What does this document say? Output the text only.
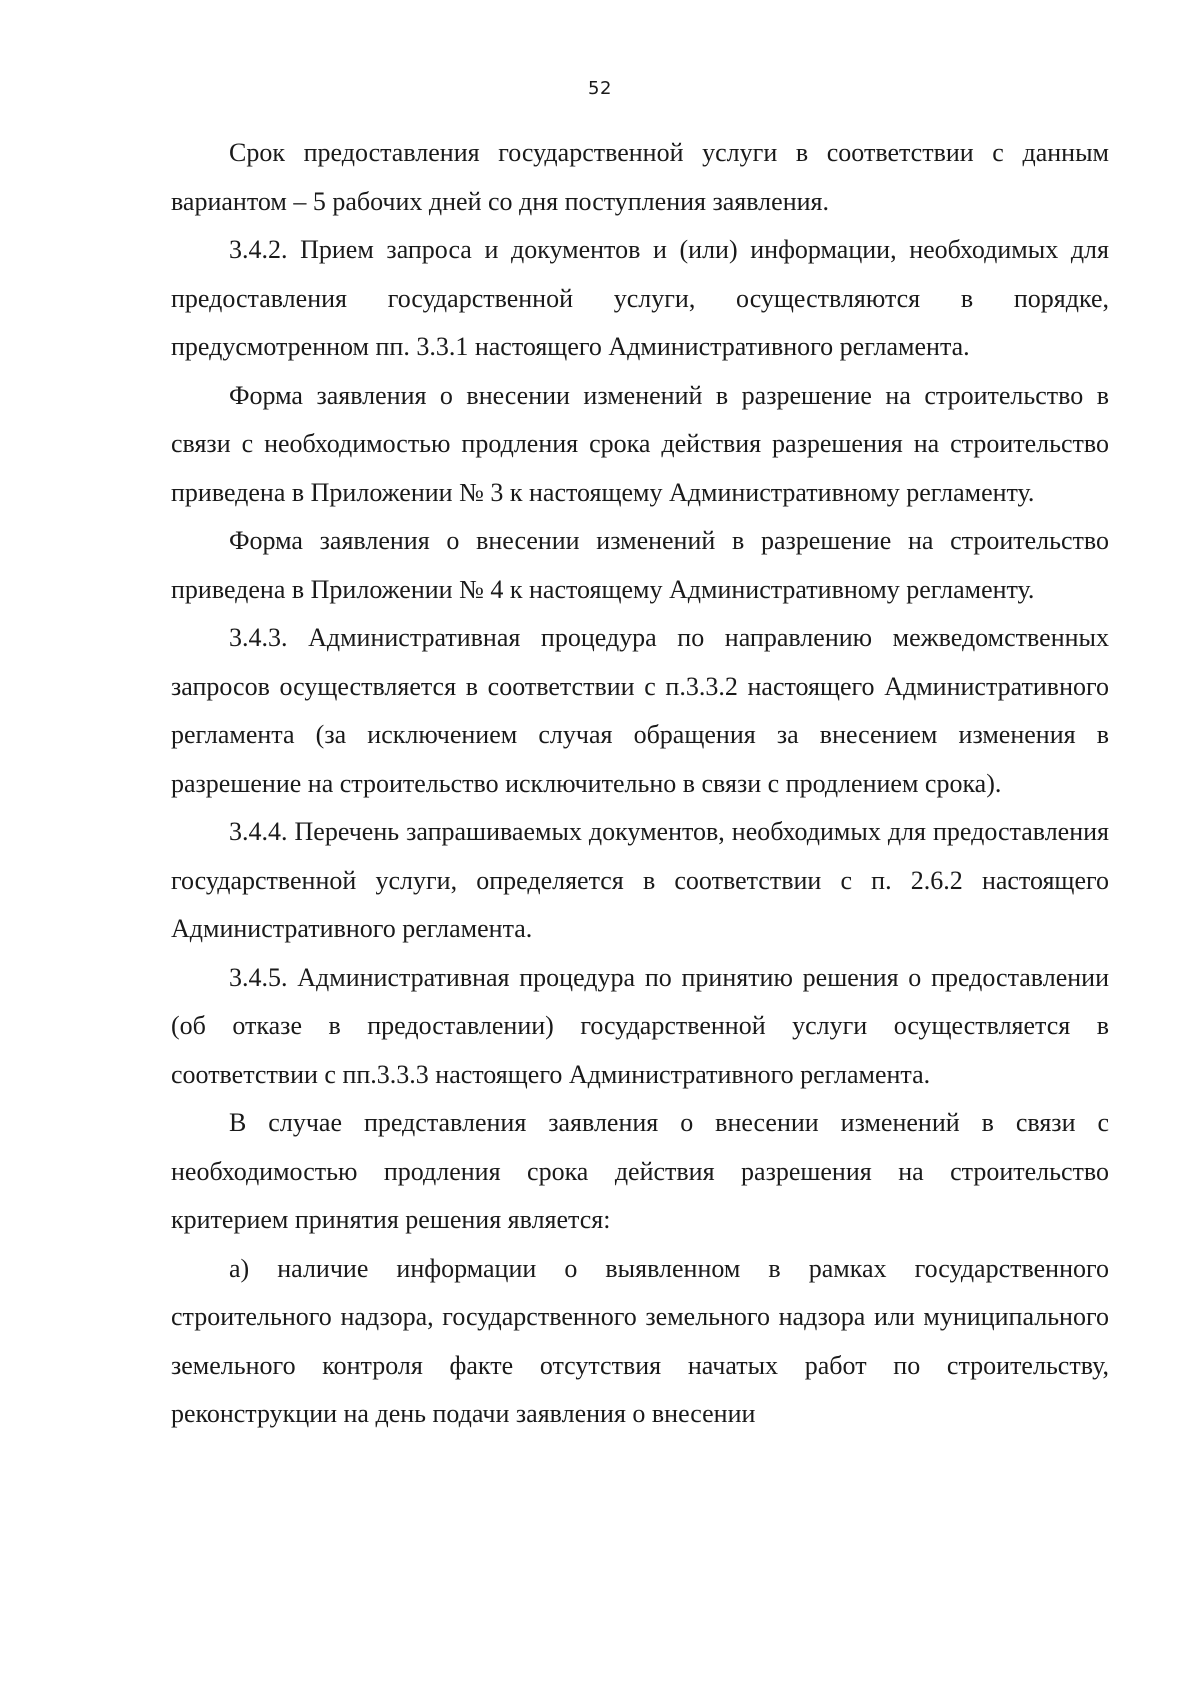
52

Срок предоставления государственной услуги в соответствии с данным вариантом – 5 рабочих дней со дня поступления заявления.

3.4.2. Прием запроса и документов и (или) информации, необходимых для предоставления государственной услуги, осуществляются в порядке, предусмотренном пп. 3.3.1 настоящего Административного регламента.

Форма заявления о внесении изменений в разрешение на строительство в связи с необходимостью продления срока действия разрешения на строительство приведена в Приложении № 3 к настоящему Административному регламенту.

Форма заявления о внесении изменений в разрешение на строительство приведена в Приложении № 4 к настоящему Административному регламенту.

3.4.3. Административная процедура по направлению межведомственных запросов осуществляется в соответствии с п.3.3.2 настоящего Административного регламента (за исключением случая обращения за внесением изменения в разрешение на строительство исключительно в связи с продлением срока).

3.4.4. Перечень запрашиваемых документов, необходимых для предоставления государственной услуги, определяется в соответствии с п. 2.6.2 настоящего Административного регламента.

3.4.5. Административная процедура по принятию решения о предоставлении (об отказе в предоставлении) государственной услуги осуществляется в соответствии с пп.3.3.3 настоящего Административного регламента.

В случае представления заявления о внесении изменений в связи с необходимостью продления срока действия разрешения на строительство критерием принятия решения является:

а) наличие информации о выявленном в рамках государственного строительного надзора, государственного земельного надзора или муниципального земельного контроля факте отсутствия начатых работ по строительству, реконструкции на день подачи заявления о внесении
